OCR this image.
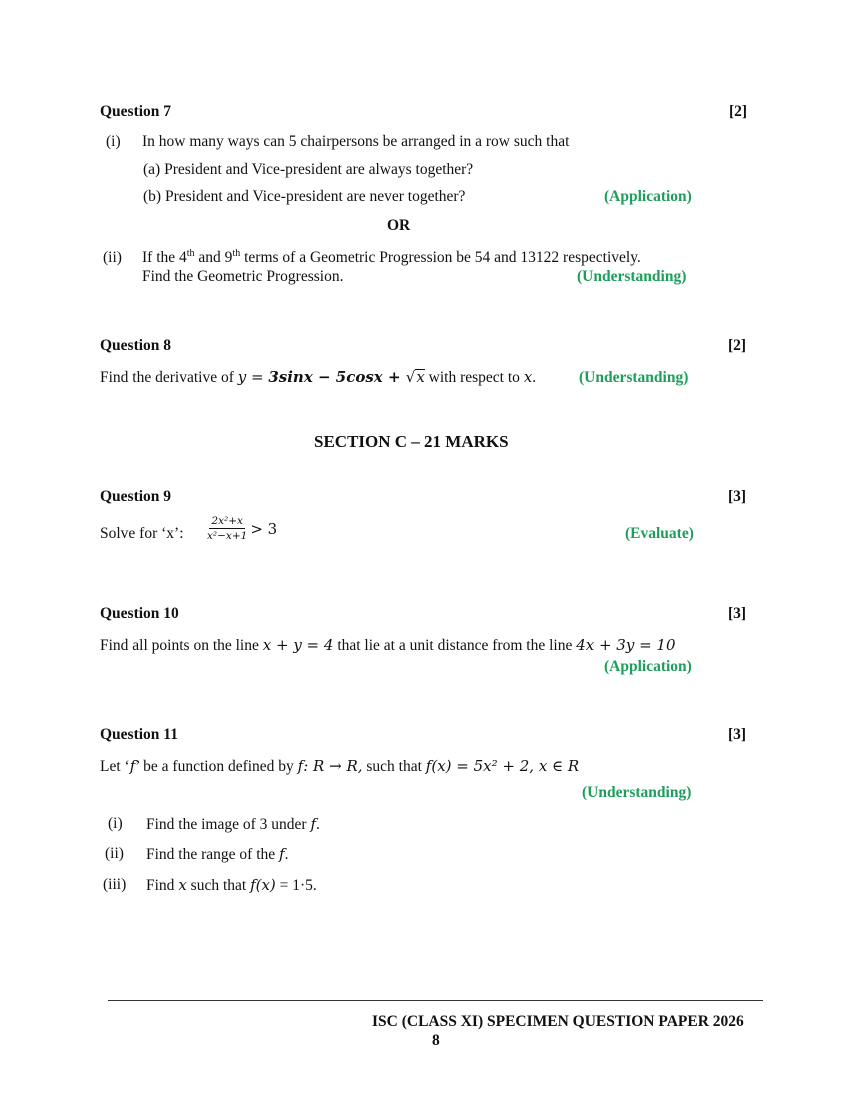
Question 7	[2]
(i) In how many ways can 5 chairpersons be arranged in a row such that
(a) President and Vice-president are always together?
(b) President and Vice-president are never together?	(Application)
OR
(ii) If the 4th and 9th terms of a Geometric Progression be 54 and 13122 respectively.
Find the Geometric Progression.	(Understanding)
Question 8	[2]
Find the derivative of y = 3sinx − 5cosx + √x with respect to x.	(Understanding)
SECTION C – 21 MARKS
Question 9	[3]
Solve for ‘x’: $\frac{\text{2x²+x}}{\text{x²−x+1}} > 3$	(Evaluate)
Question 10	[3]
Find all points on the line x + y = 4 that lie at a unit distance from the line 4x + 3y = 10
(Application)
Question 11	[3]
Let ‘f’ be a function defined by f: R → R, such that f(x) = 5x² + 2, x ∈ R
(Understanding)
(i) Find the image of 3 under f.
(ii) Find the range of the f.
(iii) Find x such that f(x) = 1·5.
ISC (CLASS XI) SPECIMEN QUESTION PAPER 2026
8
